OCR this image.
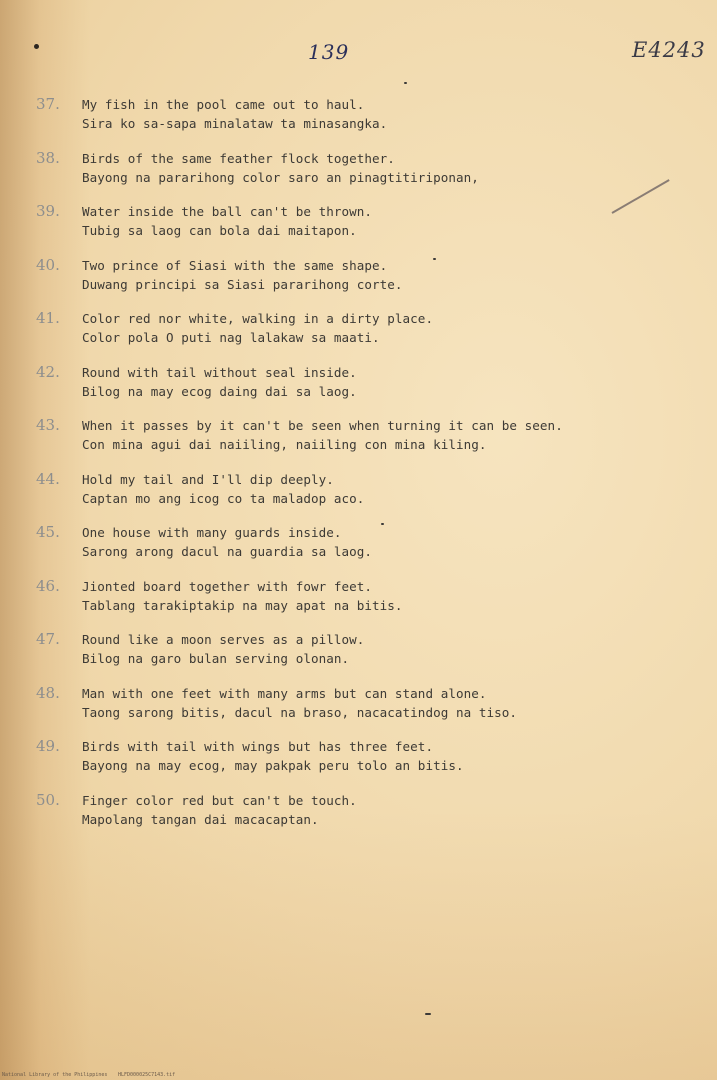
139	E4243
37. My fish in the pool came out to haul.
Sira ko sa-sapa minalataw ta minasangka.
38. Birds of the same feather flock together.
Bayong na pararihong color saro an pinagtitiriponan,
39. Water inside the ball can't be thrown.
Tubig sa laog can bola dai maitapon.
40. Two prince of Siasi with the same shape.
Duwang principi sa Siasi pararihong corte.
41. Color red nor white, walking in a dirty place.
Color pola O puti nag lalakaw sa maati.
42. Round with tail without seal inside.
Bilog na may ecog daing dai sa laog.
43. When it passes by it can't be seen when turning it can be seen.
Con mina agui dai naiiling, naiiling con mina kiling.
44. Hold my tail and I'll dip deeply.
Captan mo ang icog co ta maladop aco.
45. One house with many guards inside.
Sarong arong dacul na guardia sa laog.
46. Jionted board together with fowr feet.
Tablang tarakiptakip na may apat na bitis.
47. Round like a moon serves as a pillow.
Bilog na garo bulan serving olonan.
48. Man with one feet with many arms but can stand alone.
Taong sarong bitis, dacul na braso, nacacatindog na tiso.
49. Birds with tail with wings but has three feet.
Bayong na may ecog, may pakpak peru tolo an bitis.
50. Finger color red but can't be touch.
Mapolang tangan dai macacaptan.
National Library of the Philippines HLFD000025C7143.tif
